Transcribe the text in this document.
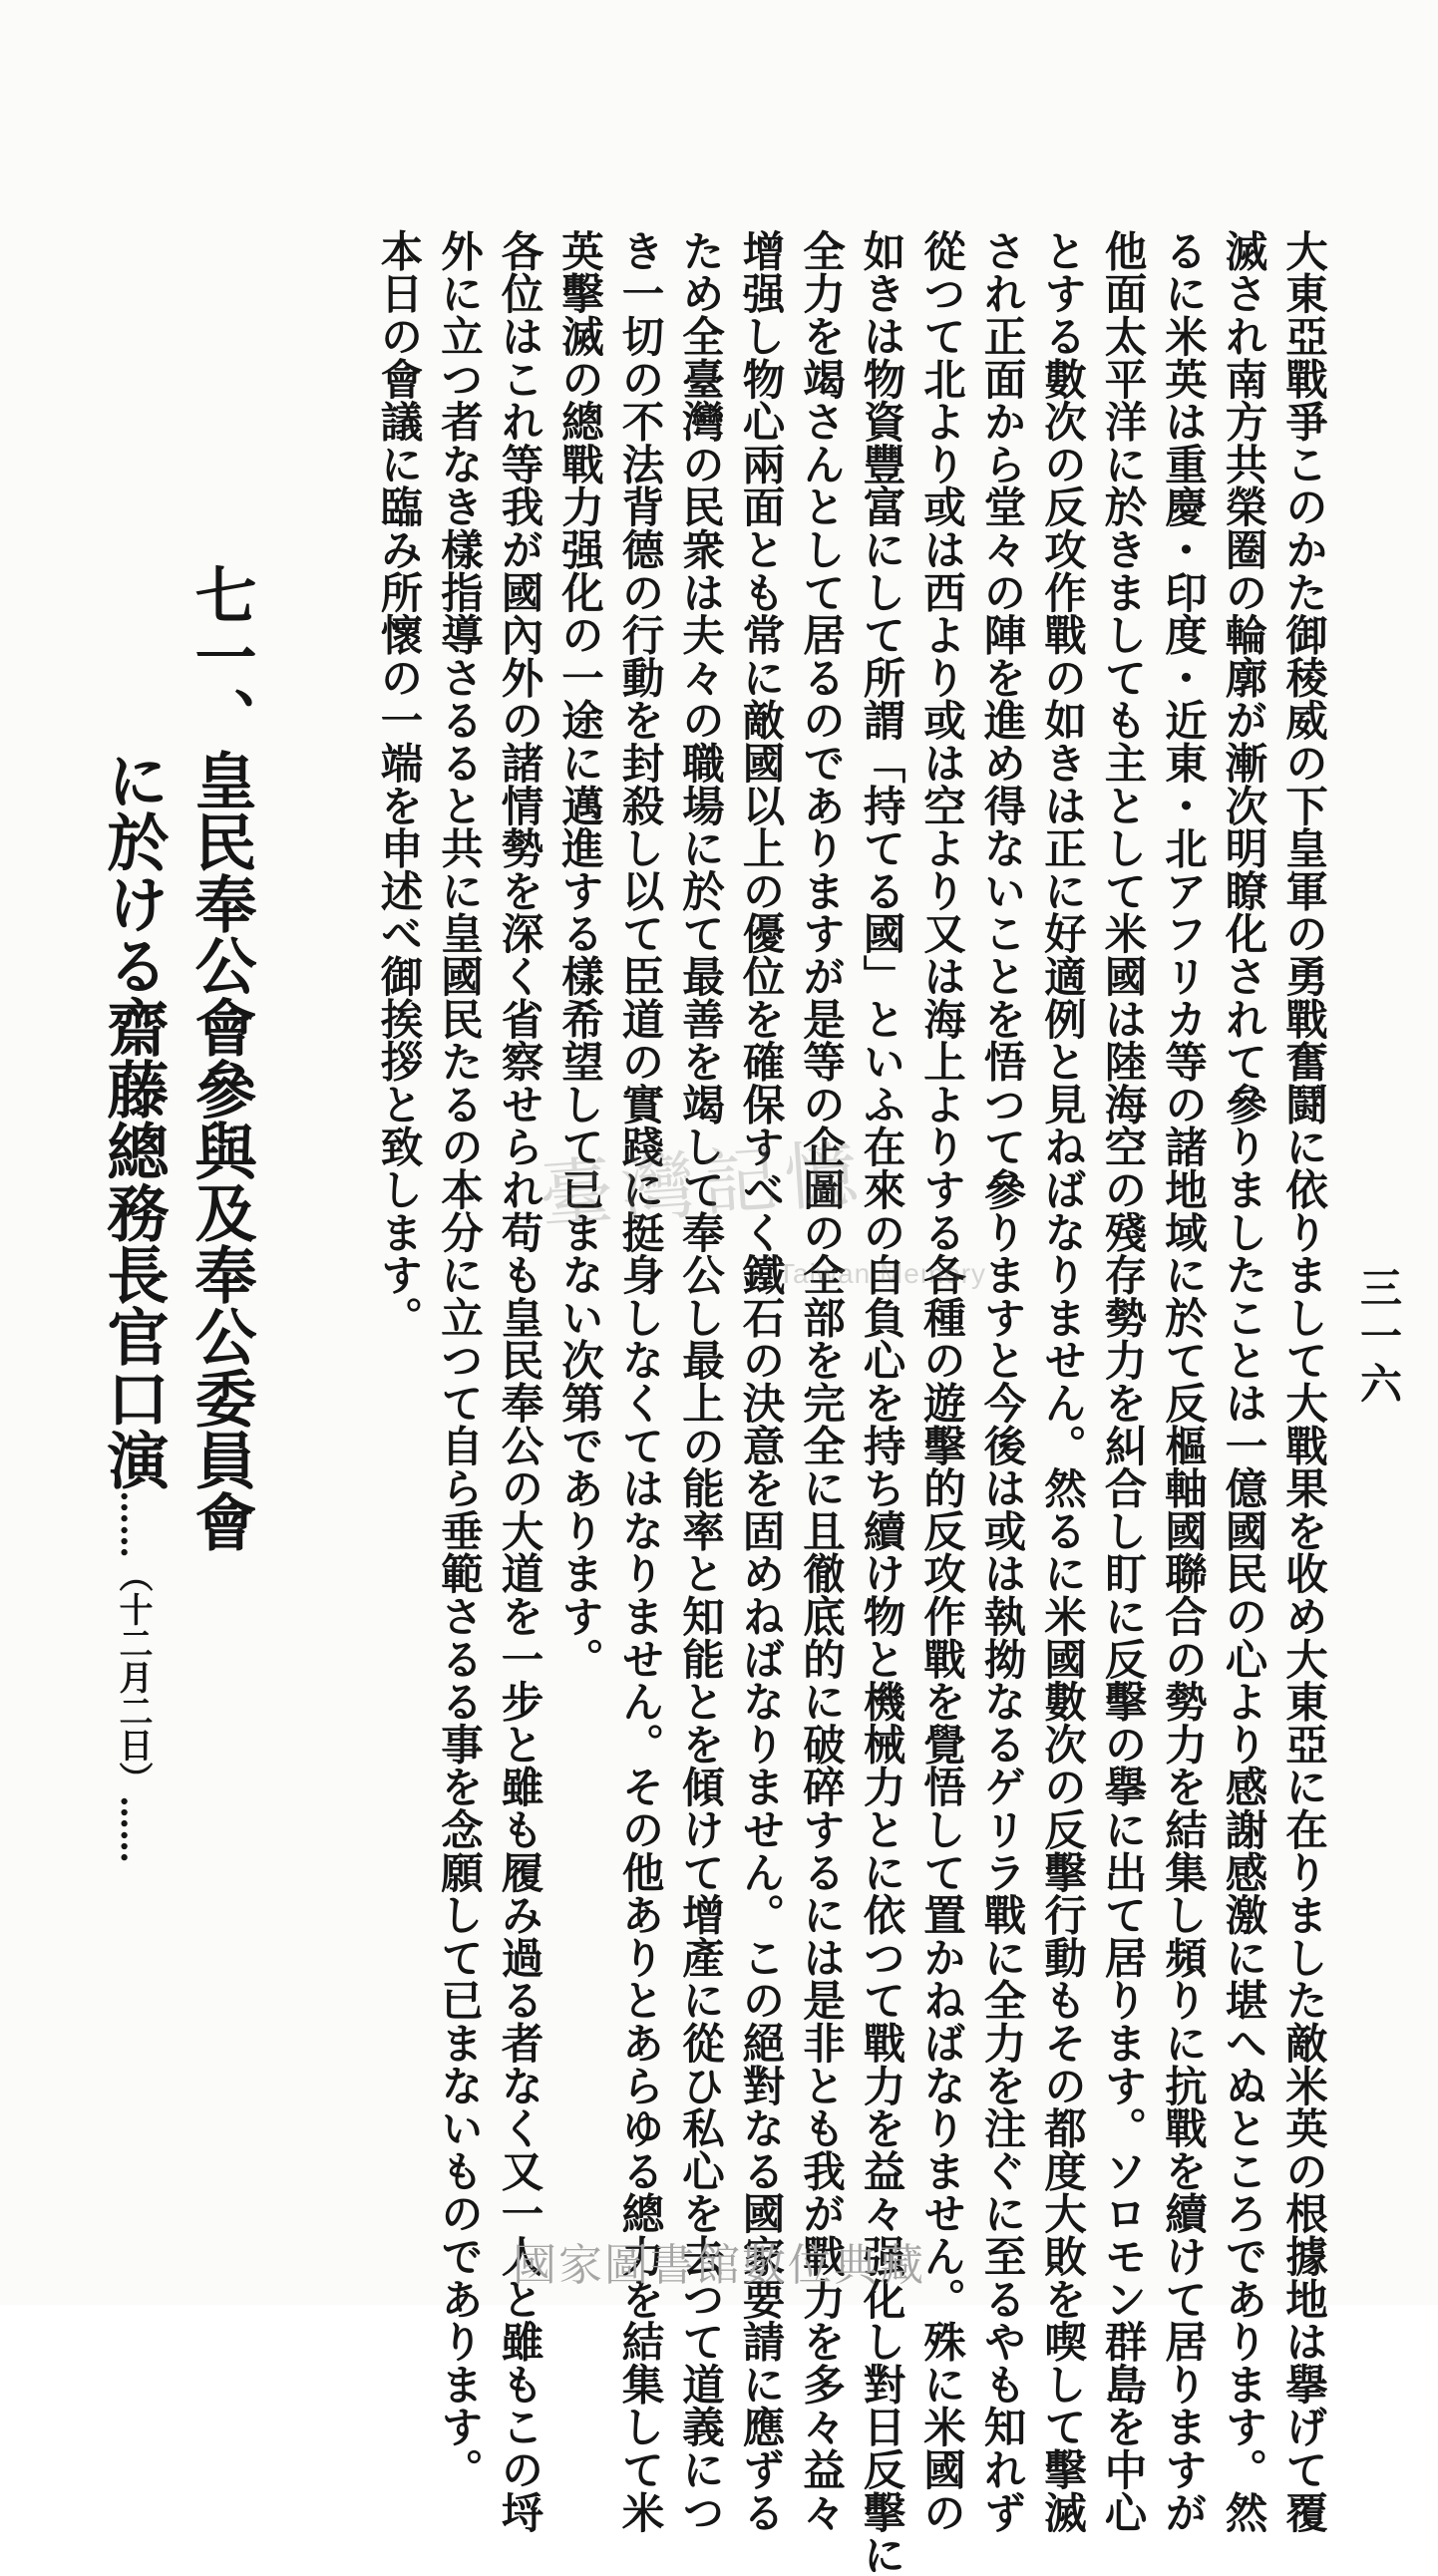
三一六

大東亞戰爭このかた御稜威の下皇軍の勇戰奮鬪に依りまして大戰果を收め大東亞に在りました敵米英の根據地は擧げて覆
滅され南方共榮圈の輪廓が漸次明瞭化されて參りましたことは一億國民の心より感謝感激に堪へぬところであります。然
るに米英は重慶・印度・近東・北アフリカ等の諸地域に於て反樞軸國聯合の勢力を結集し頻りに抗戰を續けて居りますが
他面太平洋に於きましても主として米國は陸海空の殘存勢力を糾合し盯に反擊の擧に出て居ります。ソロモン群島を中心
とする數次の反攻作戰の如きは正に好適例と見ねばなりません。然るに米國數次の反擊行動もその都度大敗を喫して擊滅
され正面から堂々の陣を進め得ないことを悟つて參りますと今後は或は執拗なるゲリラ戰に全力を注ぐに至るやも知れず
從つて北より或は西より或は空より又は海上よりする各種の遊擊的反攻作戰を覺悟して置かねばなりません。殊に米國の
如きは物資豐富にして所謂「持てる國」といふ在來の自負心を持ち續け物と機械力とに依つて戰力を益々强化し對日反擊に
全力を竭さんとして居るのでありますが是等の企圖の全部を完全に且徹底的に破碎するには是非とも我が戰力を多々益々
增强し物心兩面とも常に敵國以上の優位を確保すべく鐵石の決意を固めねばなりません。この絕對なる國家要請に應ずる
ため全臺灣の民衆は夫々の職場に於て最善を竭して奉公し最上の能率と知能とを傾けて增產に從ひ私心を去つて道義につ
き一切の不法背德の行動を封殺し以て臣道の實踐に挺身しなくてはなりません。その他ありとあらゆる總力を結集して米
英擊滅の總戰力强化の一途に邁進する樣希望して已まない次第であります。

各位はこれ等我が國內外の諸情勢を深く省察せられ苟も皇民奉公の大道を一步と雖も履み過る者なく又一人と雖もこの埒
外に立つ者なき樣指導さるると共に皇國民たるの本分に立つて自ら垂範さるる事を念願して已まないものであります。

本日の會議に臨み所懷の一端を申述べ御挨拶と致します。

七一、皇民奉公會參與及奉公委員會
　　　に於ける齋藤總務長官口演……（十二月二日）……
臺灣記憶
Taiwan Memory
國家圖書館數位典藏
